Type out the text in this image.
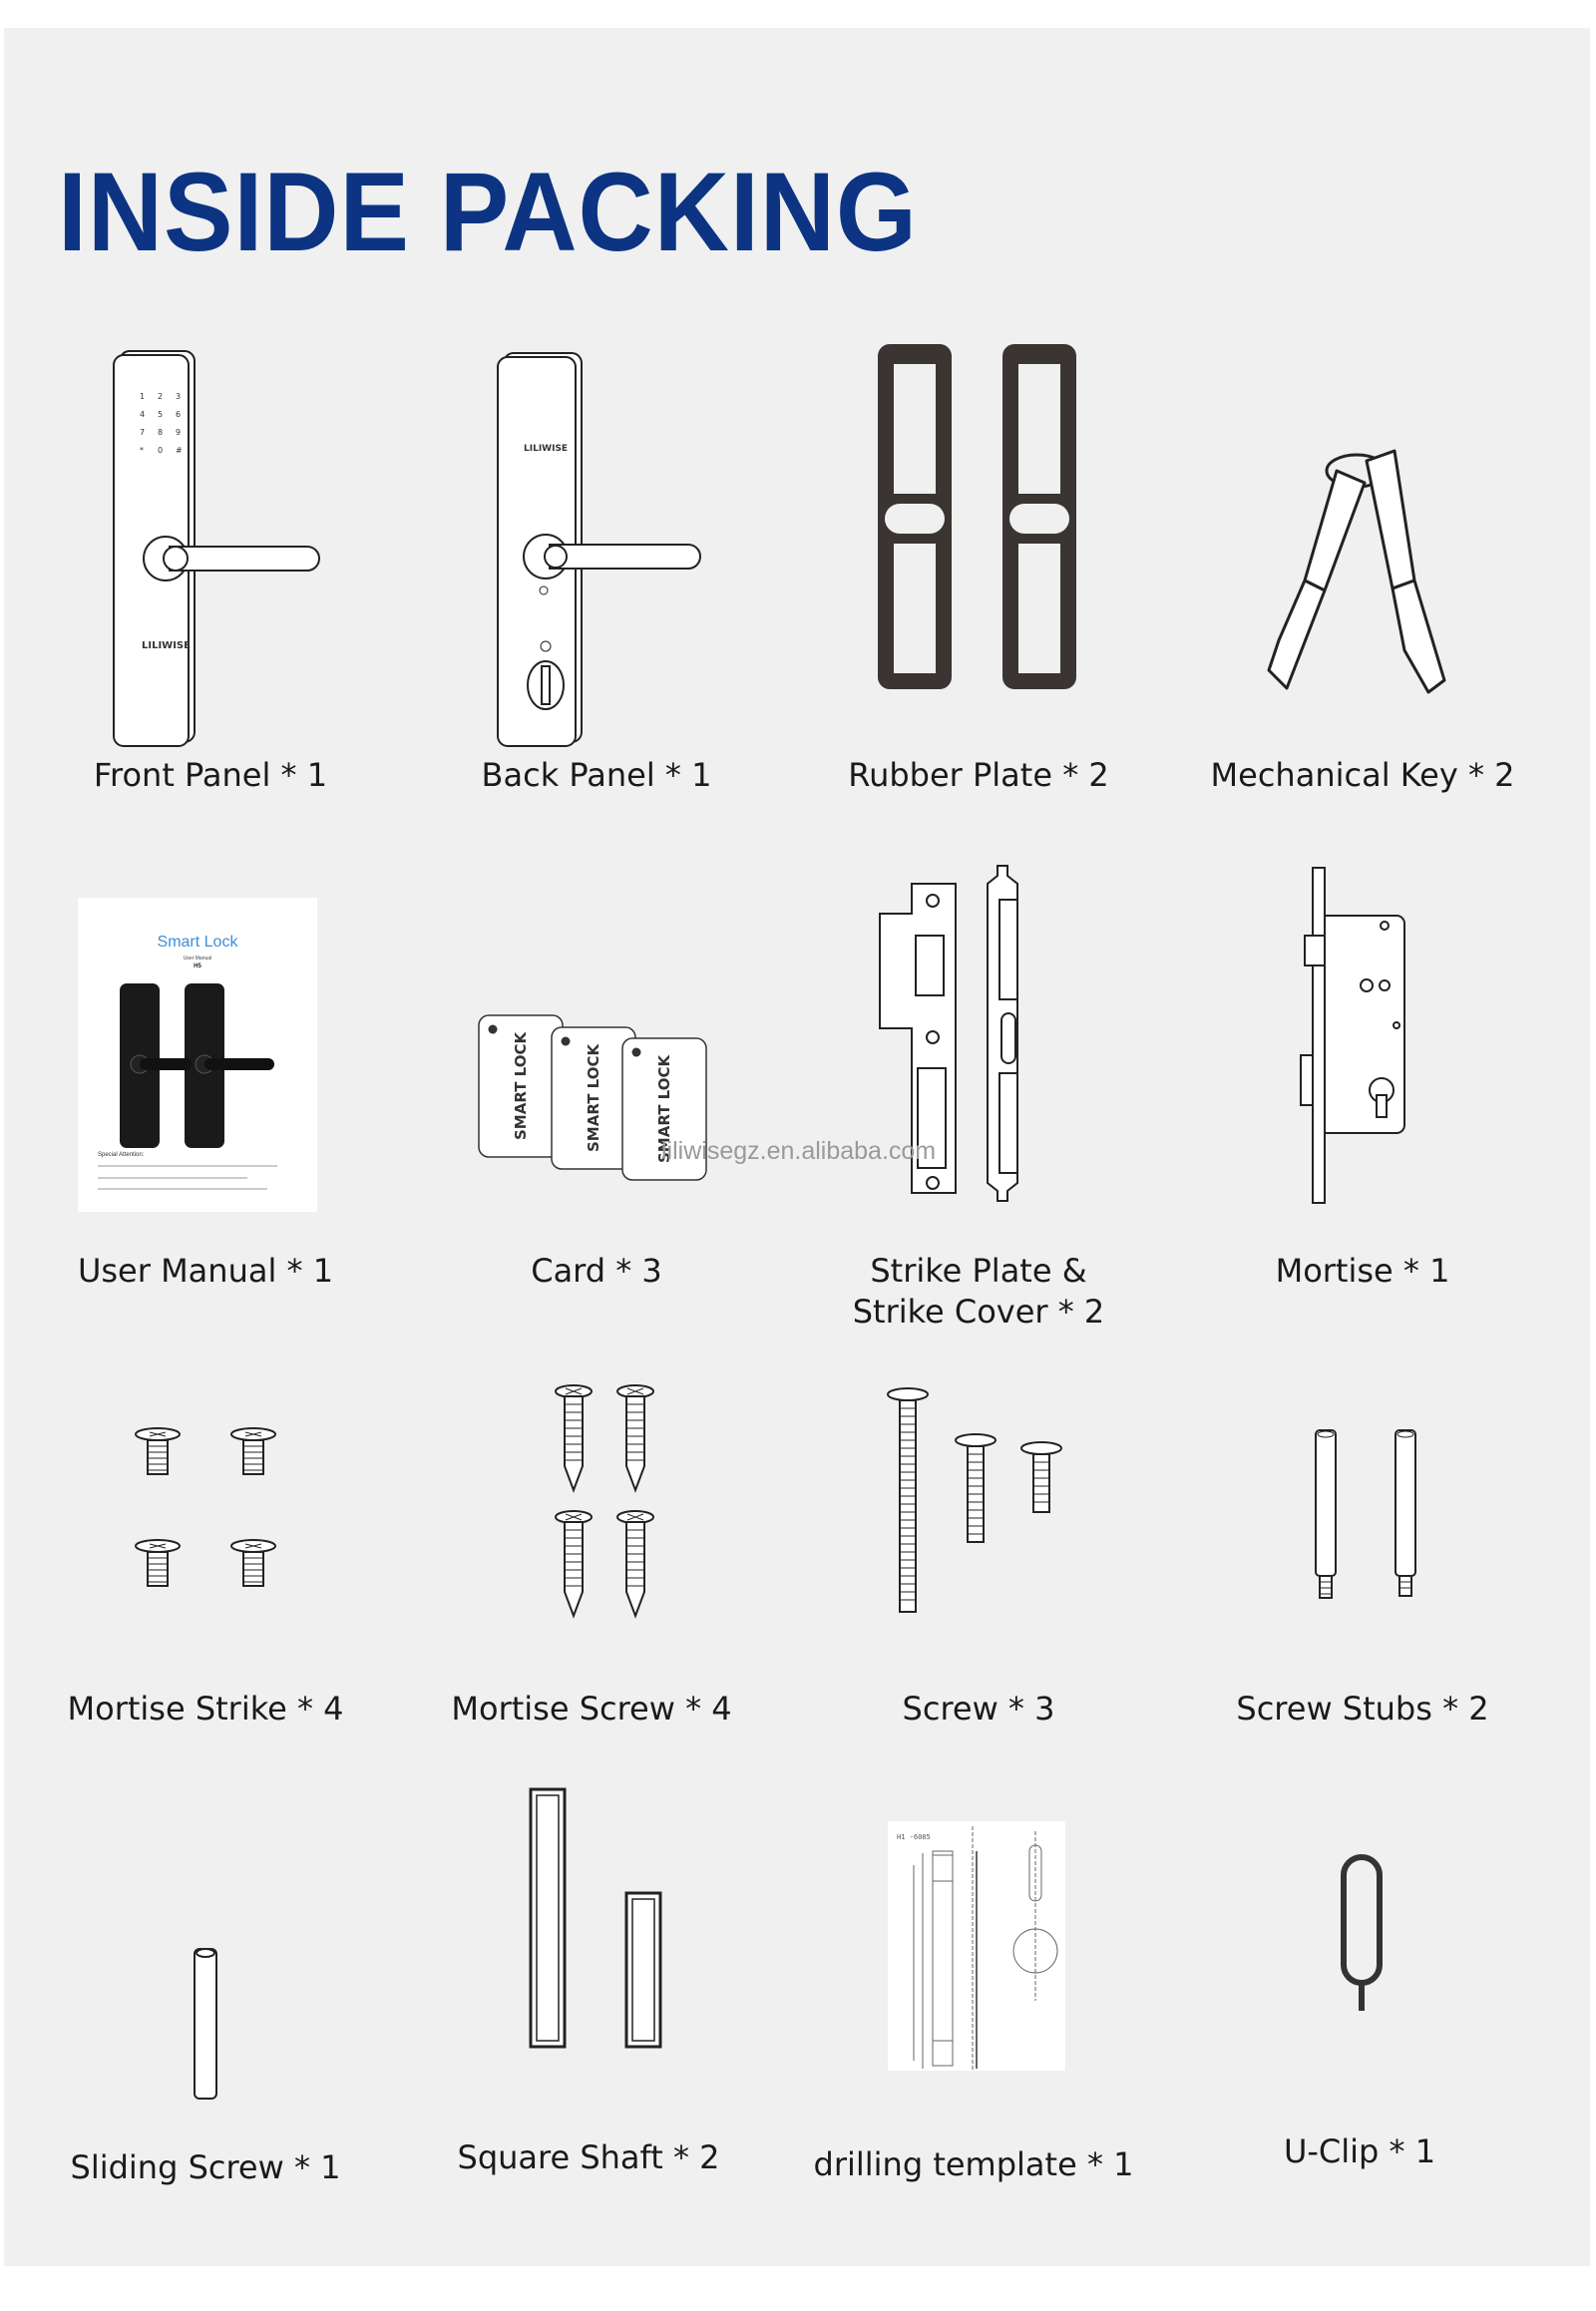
INSIDE PACKING
1 2 3
4 5 6
7 8 9
* 0 #
LILIWISE
Front Panel * 1
LILIWISE
Back Panel * 1	Rubber Plate * 2	Mechanical Key * 2
Smart Lock
User Manual
H5
Special Attention:
User Manual * 1
SMART LOCK	SMART LOCK	SMART LOCK
liliwisegz.en.alibaba.com
Card * 3	Strike Plate &
Strike Cover * 2
Mortise * 1
Mortise Strike * 4	Mortise Screw * 4	Screw * 3	Screw Stubs * 2
Sliding Screw * 1	Square Shaft * 2
H1 -6085
drilling template * 1	U-Clip * 1
